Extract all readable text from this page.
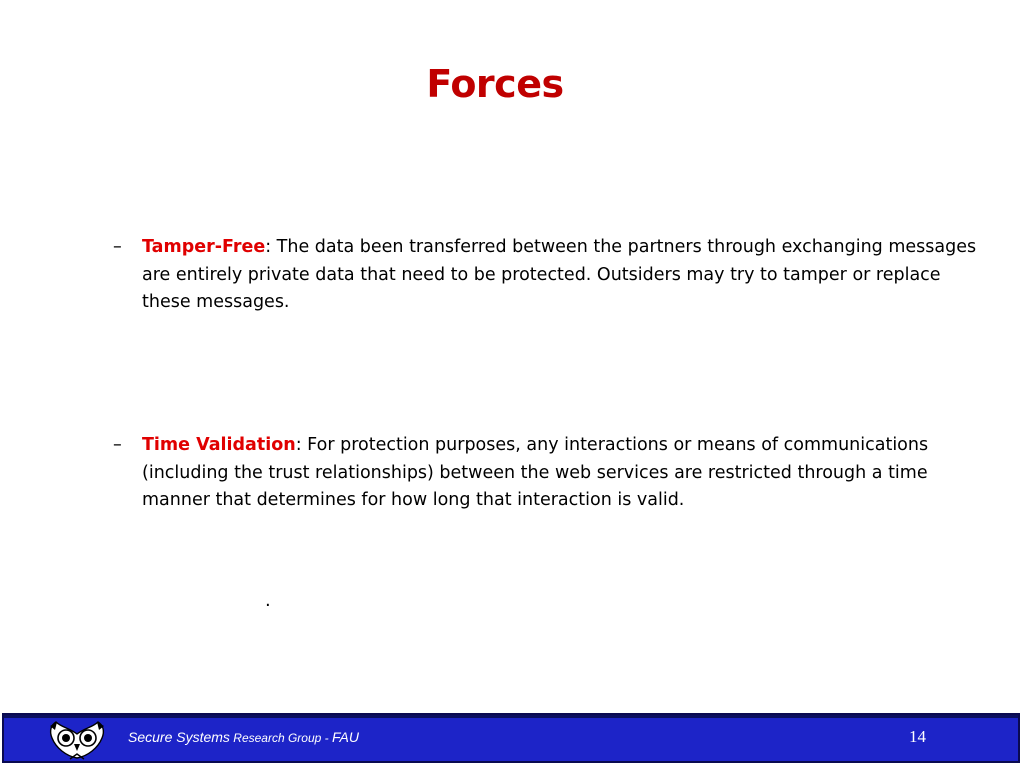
Forces
– Tamper-Free: The data been transferred between the partners through exchanging messages are entirely private data that need to be protected. Outsiders may try to tamper or replace these messages.
– Time Validation: For protection purposes, any interactions or means of communications (including the trust relationships) between the web services are restricted through a time manner that determines for how long that interaction is valid.
.
Secure Systems Research Group - FAU	14
